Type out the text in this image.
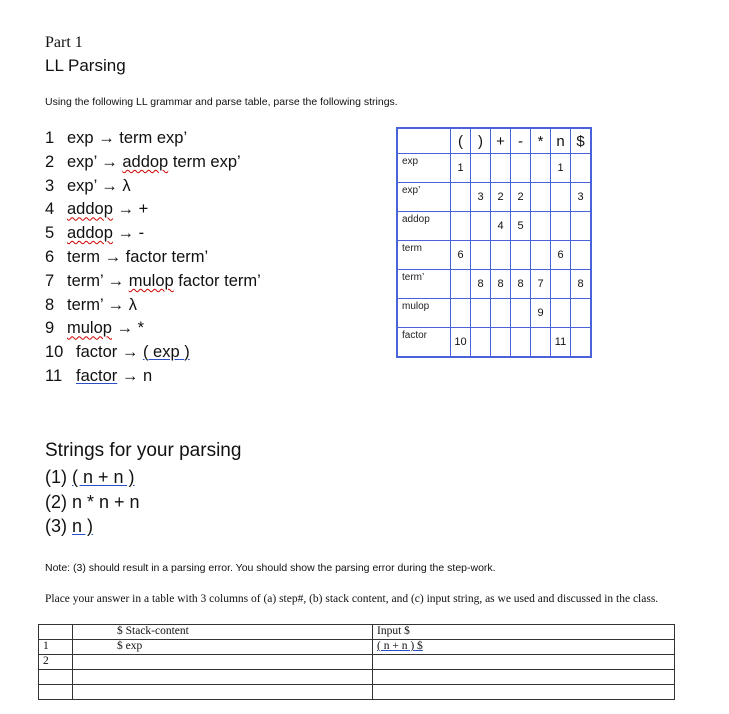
Part 1
LL Parsing
Using the following LL grammar and parse table, parse the following strings.
1 exp → term exp’
2 exp’ → addop term exp’
3 exp’ → λ
4 addop → +
5 addop → -
6 term → factor term’
7 term’ → mulop factor term’
8 term’ → λ
9 mulop → *
10 factor → ( exp )
11 factor → n
	(	)	+	-	*	n	$
exp	1					1	
exp’		3	2	2			3
addop			4	5			
term	6					6	
term’		8	8	8	7		8
mulop					9		
factor	10					11	
Strings for your parsing
(1) ( n + n )
(2) n * n + n
(3) n )
Note: (3) should result in a parsing error. You should show the parsing error during the step-work.
Place your answer in a table with 3 columns of (a) step#, (b) stack content, and (c) input string, as we used and discussed in the class.
	$ Stack-content	Input $
1	$ exp	( n + n ) $
2		
